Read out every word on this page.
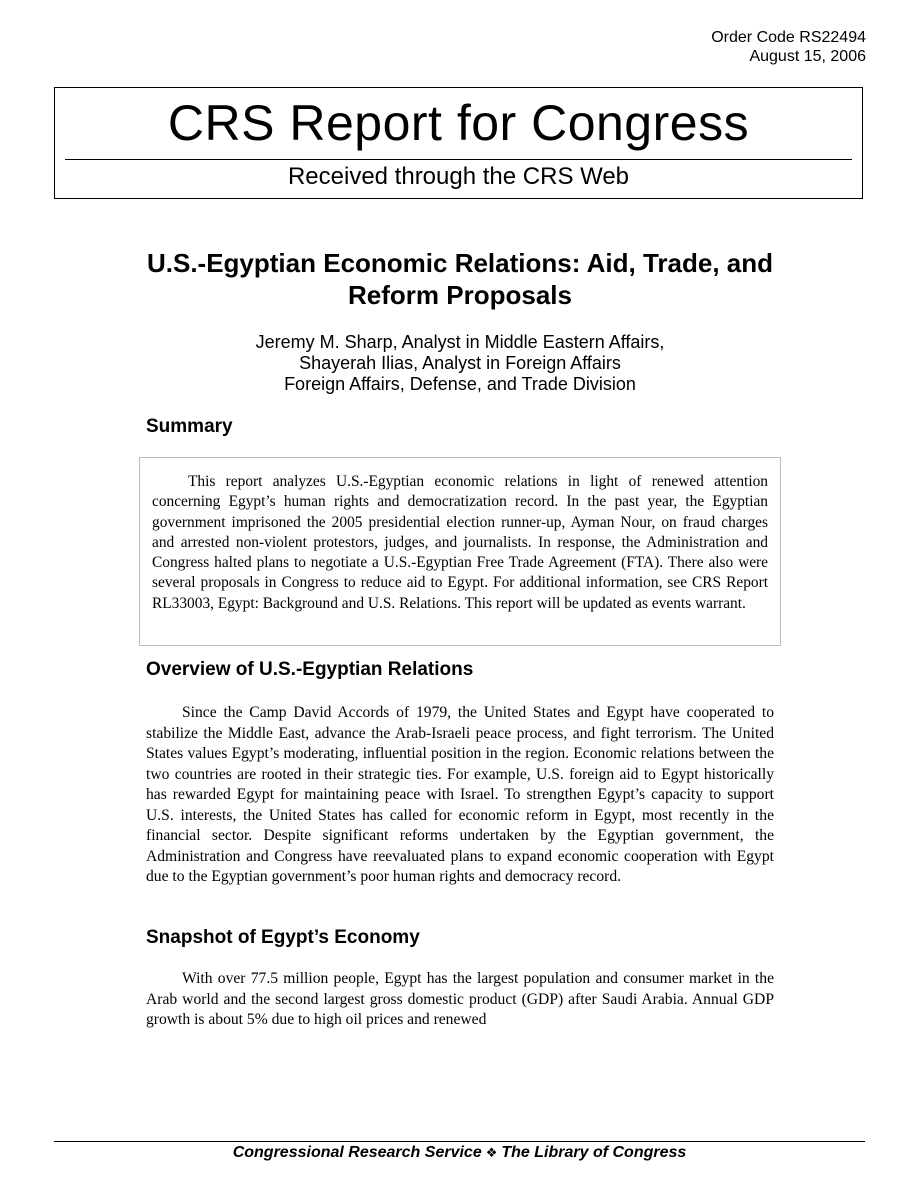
Order Code RS22494
August 15, 2006
CRS Report for Congress
Received through the CRS Web
U.S.-Egyptian Economic Relations: Aid, Trade, and Reform Proposals
Jeremy M. Sharp, Analyst in Middle Eastern Affairs,
Shayerah Ilias, Analyst in Foreign Affairs
Foreign Affairs, Defense, and Trade Division
Summary

This report analyzes U.S.-Egyptian economic relations in light of renewed attention concerning Egypt’s human rights and democratization record. In the past year, the Egyptian government imprisoned the 2005 presidential election runner-up, Ayman Nour, on fraud charges and arrested non-violent protestors, judges, and journalists. In response, the Administration and Congress halted plans to negotiate a U.S.-Egyptian Free Trade Agreement (FTA). There also were several proposals in Congress to reduce aid to Egypt. For additional information, see CRS Report RL33003, Egypt: Background and U.S. Relations. This report will be updated as events warrant.

Overview of U.S.-Egyptian Relations

Since the Camp David Accords of 1979, the United States and Egypt have cooperated to stabilize the Middle East, advance the Arab-Israeli peace process, and fight terrorism. The United States values Egypt’s moderating, influential position in the region. Economic relations between the two countries are rooted in their strategic ties. For example, U.S. foreign aid to Egypt historically has rewarded Egypt for maintaining peace with Israel. To strengthen Egypt’s capacity to support U.S. interests, the United States has called for economic reform in Egypt, most recently in the financial sector. Despite significant reforms undertaken by the Egyptian government, the Administration and Congress have reevaluated plans to expand economic cooperation with Egypt due to the Egyptian government’s poor human rights and democracy record.

Snapshot of Egypt’s Economy

With over 77.5 million people, Egypt has the largest population and consumer market in the Arab world and the second largest gross domestic product (GDP) after Saudi Arabia. Annual GDP growth is about 5% due to high oil prices and renewed

Congressional Research Service ❖ The Library of Congress
